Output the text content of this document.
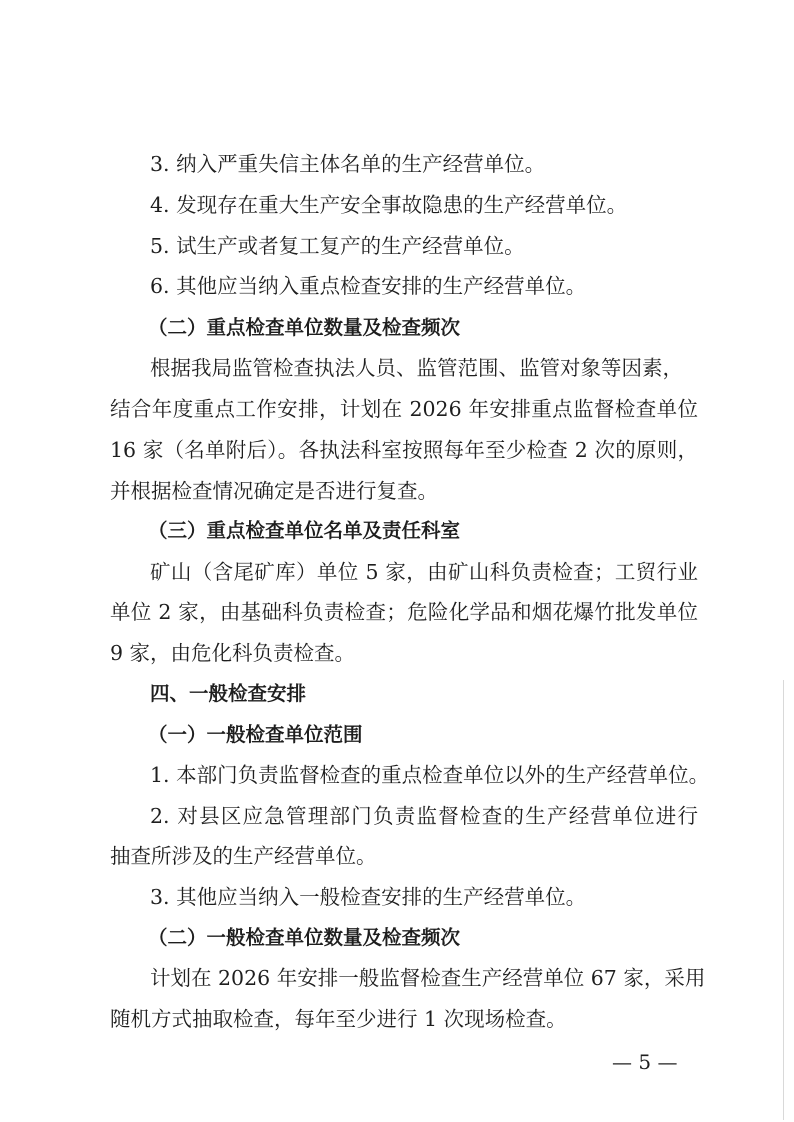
3. 纳入严重失信主体名单的生产经营单位。
4. 发现存在重大生产安全事故隐患的生产经营单位。
5. 试生产或者复工复产的生产经营单位。
6. 其他应当纳入重点检查安排的生产经营单位。
（二）重点检查单位数量及检查频次
根据我局监管检查执法人员、监管范围、监管对象等因素，
结合年度重点工作安排，计划在 2026 年安排重点监督检查单位
16 家（名单附后）。各执法科室按照每年至少检查 2 次的原则，
并根据检查情况确定是否进行复查。
（三）重点检查单位名单及责任科室
矿山（含尾矿库）单位 5 家，由矿山科负责检查；工贸行业
单位 2 家，由基础科负责检查；危险化学品和烟花爆竹批发单位
9 家，由危化科负责检查。
四、一般检查安排
（一）一般检查单位范围
1. 本部门负责监督检查的重点检查单位以外的生产经营单位。
2. 对县区应急管理部门负责监督检查的生产经营单位进行
抽查所涉及的生产经营单位。
3. 其他应当纳入一般检查安排的生产经营单位。
（二）一般检查单位数量及检查频次
计划在 2026 年安排一般监督检查生产经营单位 67 家，采用
随机方式抽取检查，每年至少进行 1 次现场检查。
— 5 —
